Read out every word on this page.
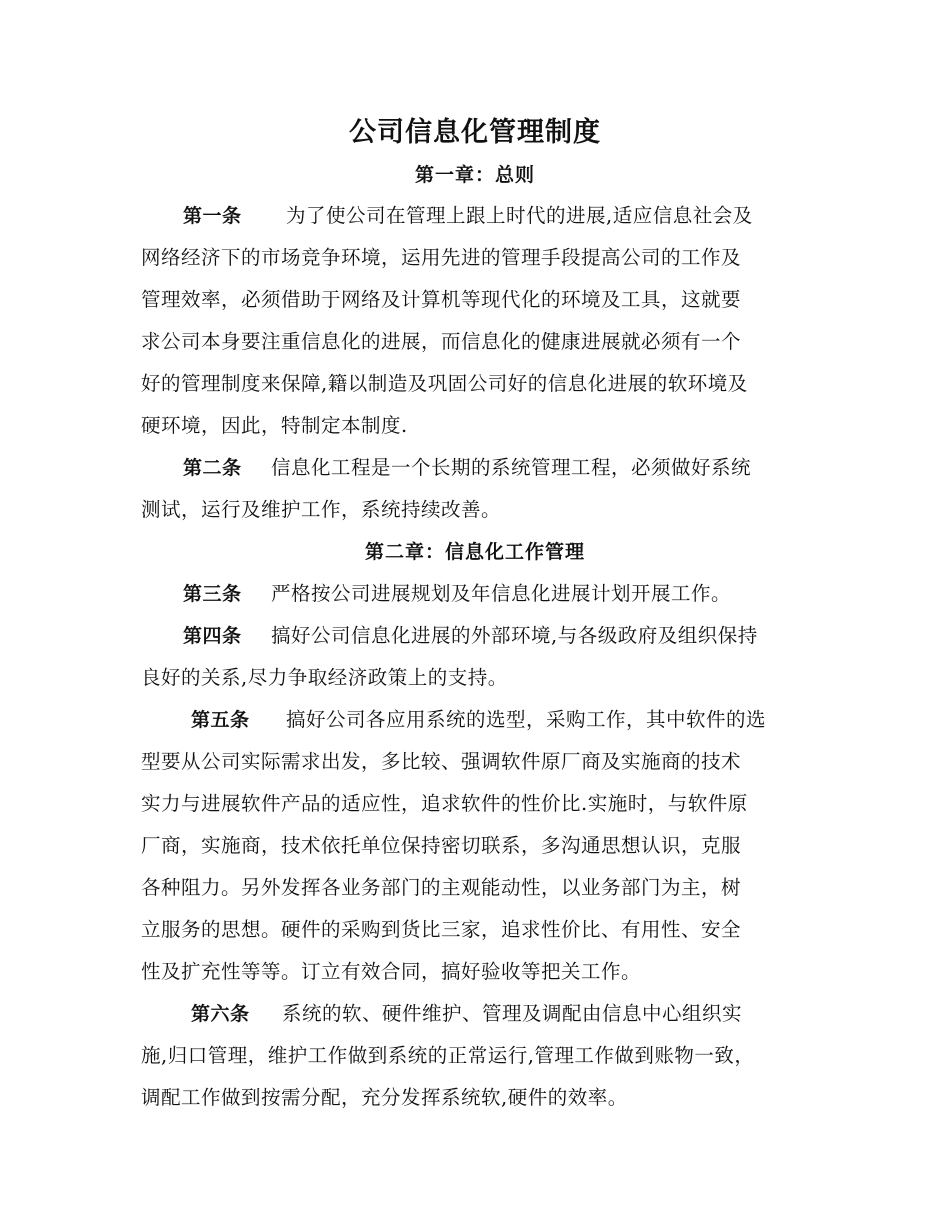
公司信息化管理制度
第一章：总则
第一条 为了使公司在管理上跟上时代的进展,适应信息社会及
网络经济下的市场竞争环境，运用先进的管理手段提高公司的工作及
管理效率，必须借助于网络及计算机等现代化的环境及工具，这就要
求公司本身要注重信息化的进展，而信息化的健康进展就必须有一个
好的管理制度来保障,籍以制造及巩固公司好的信息化进展的软环境及
硬环境，因此，特制定本制度.
第二条 信息化工程是一个长期的系统管理工程，必须做好系统
测试，运行及维护工作，系统持续改善。
第二章：信息化工作管理
第三条 严格按公司进展规划及年信息化进展计划开展工作。
第四条 搞好公司信息化进展的外部环境,与各级政府及组织保持
良好的关系,尽力争取经济政策上的支持。
第五条 搞好公司各应用系统的选型，采购工作，其中软件的选
型要从公司实际需求出发，多比较、强调软件原厂商及实施商的技术
实力与进展软件产品的适应性，追求软件的性价比.实施时，与软件原
厂商，实施商，技术依托单位保持密切联系，多沟通思想认识，克服
各种阻力。另外发挥各业务部门的主观能动性，以业务部门为主，树
立服务的思想。硬件的采购到货比三家，追求性价比、有用性、安全
性及扩充性等等。订立有效合同，搞好验收等把关工作。
第六条 系统的软、硬件维护、管理及调配由信息中心组织实
施,归口管理，维护工作做到系统的正常运行,管理工作做到账物一致，
调配工作做到按需分配，充分发挥系统软,硬件的效率。
